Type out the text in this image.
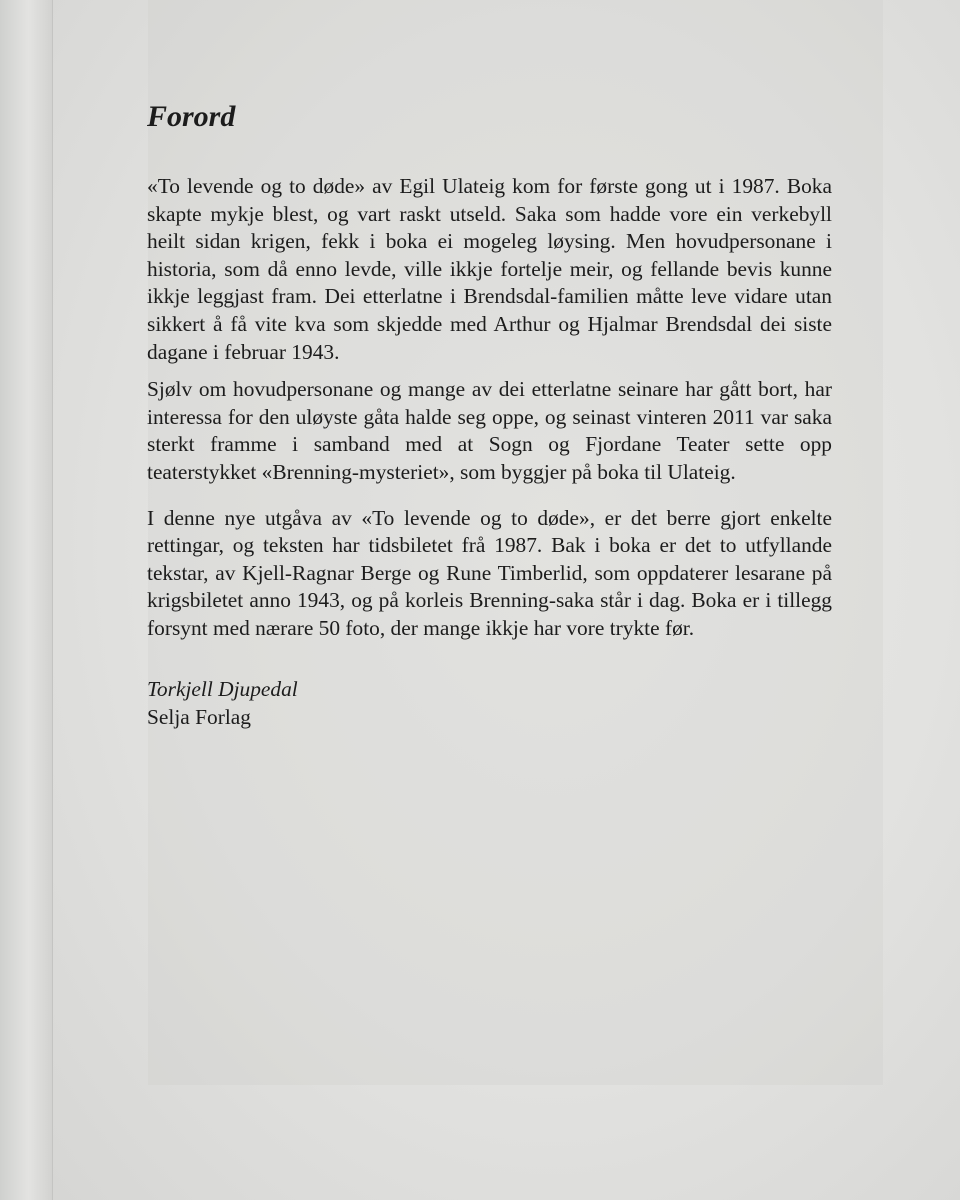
Forord

«To levende og to døde» av Egil Ulateig kom for første gong ut i 1987. Boka skapte mykje blest, og vart raskt utseld. Saka som hadde vore ein verkebyll heilt sidan krigen, fekk i boka ei mogeleg løysing. Men hovudpersonane i historia, som då enno levde, ville ikkje fortelje meir, og fellande bevis kunne ikkje leggjast fram. Dei etterlatne i Brendsdal-familien måtte leve vidare utan sikkert å få vite kva som skjedde med Arthur og Hjalmar Brendsdal dei siste dagane i februar 1943.

Sjølv om hovudpersonane og mange av dei etterlatne seinare har gått bort, har interessa for den uløyste gåta halde seg oppe, og seinast vinteren 2011 var saka sterkt framme i samband med at Sogn og Fjordane Teater sette opp teaterstykket «Brenning-mysteriet», som byggjer på boka til Ulateig.

I denne nye utgåva av «To levende og to døde», er det berre gjort enkelte rettingar, og teksten har tidsbiletet frå 1987. Bak i boka er det to utfyllande tekstar, av Kjell-Ragnar Berge og Rune Timberlid, som oppdaterer lesarane på krigsbiletet anno 1943, og på korleis Brenning-saka står i dag. Boka er i tillegg forsynt med nærare 50 foto, der mange ikkje har vore trykte før.

Torkjell Djupedal
Selja Forlag
